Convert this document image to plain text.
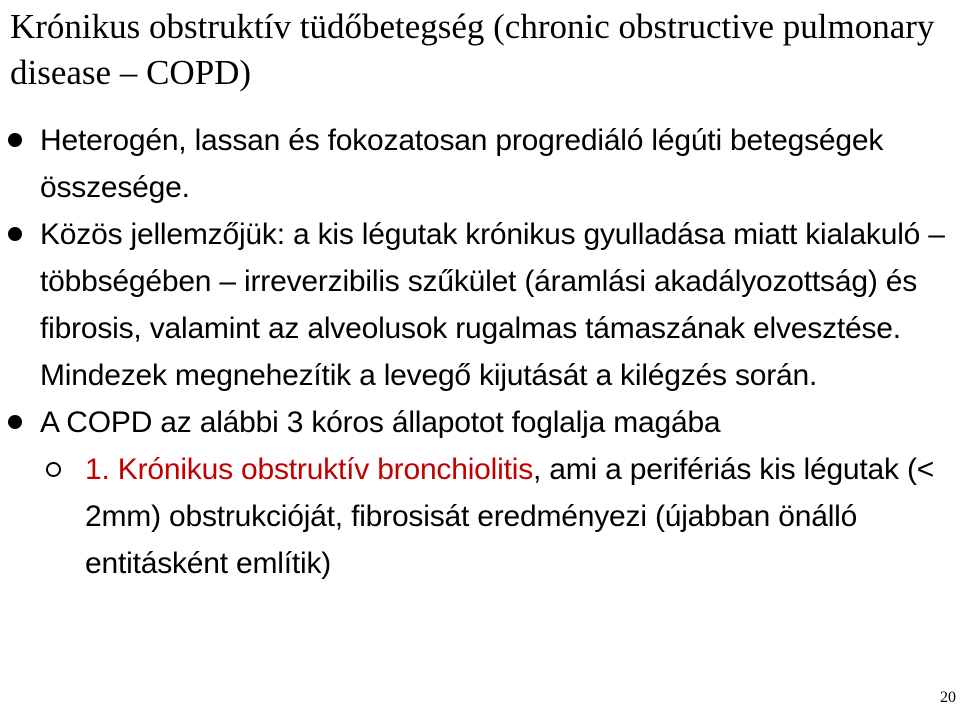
Krónikus obstruktív tüdőbetegség (chronic obstructive pulmonary disease – COPD)
Heterogén, lassan és fokozatosan progrediáló légúti betegségek összesége.
Közös jellemzőjük: a kis légutak krónikus gyulladása miatt kialakuló – többségében – irreverzibilis szűkület (áramlási akadályozottság) és fibrosis, valamint az alveolusok rugalmas támaszának elvesztése. Mindezek megnehezítik a levegő kijutását a kilégzés során.
A COPD az alábbi 3 kóros állapotot foglalja magába
1. Krónikus obstruktív bronchiolitis, ami a perifériás kis légutak (< 2mm) obstrukcióját, fibrosisát eredményezi (újabban önálló entitásként említik)
20
